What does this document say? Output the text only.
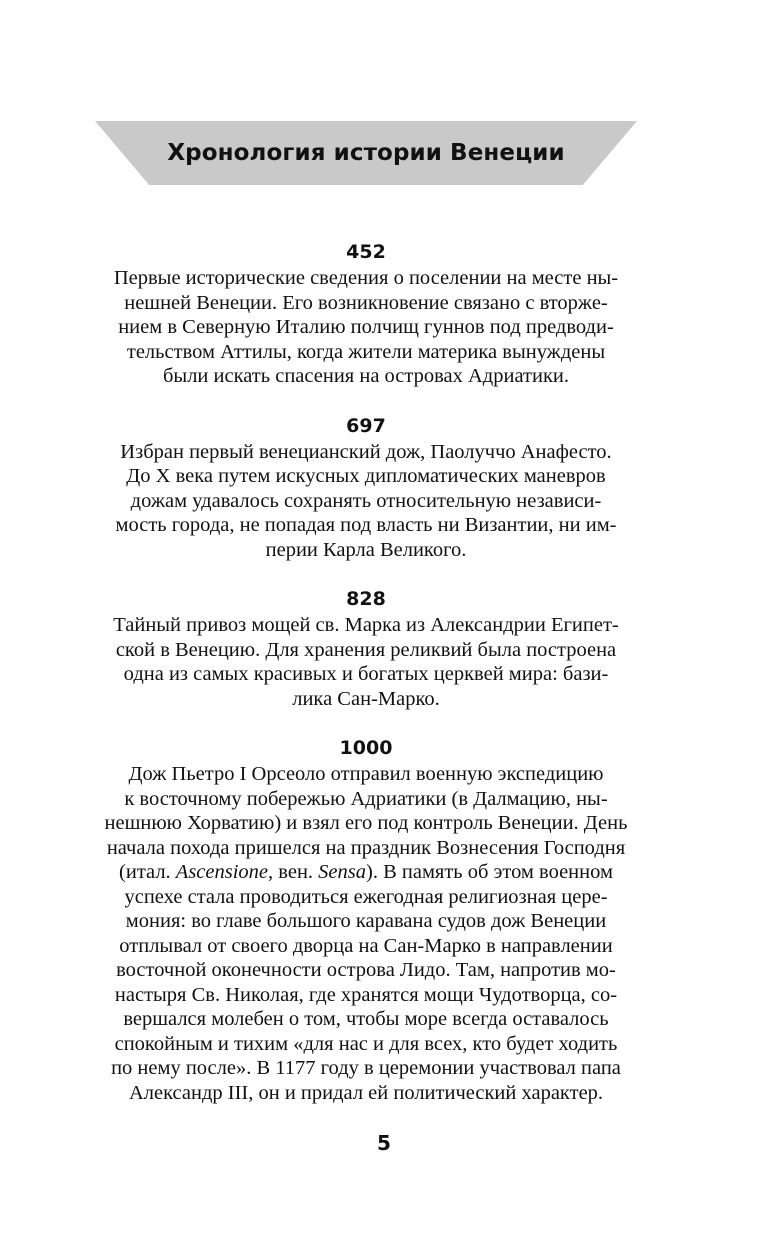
Хронология истории Венеции
452

Первые исторические сведения о поселении на месте ны-
нешней Венеции. Его возникновение связано с вторже-
нием в Северную Италию полчищ гуннов под предводи-
тельством Аттилы, когда жители материка вынуждены
были искать спасения на островах Адриатики.

697

Избран первый венецианский дож, Паолуччо Анафесто.
До X века путем искусных дипломатических маневров
дожам удавалось сохранять относительную независи-
мость города, не попадая под власть ни Византии, ни им-
перии Карла Великого.

828

Тайный привоз мощей св. Марка из Александрии Египет-
ской в Венецию. Для хранения реликвий была построена
одна из самых красивых и богатых церквей мира: бази-
лика Сан-Марко.

1000

Дож Пьетро I Орсеоло отправил военную экспедицию
к восточному побережью Адриатики (в Далмацию, ны-
нешнюю Хорватию) и взял его под контроль Венеции. День
начала похода пришелся на праздник Вознесения Господня
(итал. Ascensione, вен. Sensa). В память об этом военном
успехе стала проводиться ежегодная религиозная цере-
мония: во главе большого каравана судов дож Венеции
отплывал от своего дворца на Сан-Марко в направлении
восточной оконечности острова Лидо. Там, напротив мо-
настыря Св. Николая, где хранятся мощи Чудотворца, со-
вершался молебен о том, чтобы море всегда оставалось
спокойным и тихим «для нас и для всех, кто будет ходить
по нему после». В 1177 году в церемонии участвовал папа
Александр III, он и придал ей политический характер.

5
